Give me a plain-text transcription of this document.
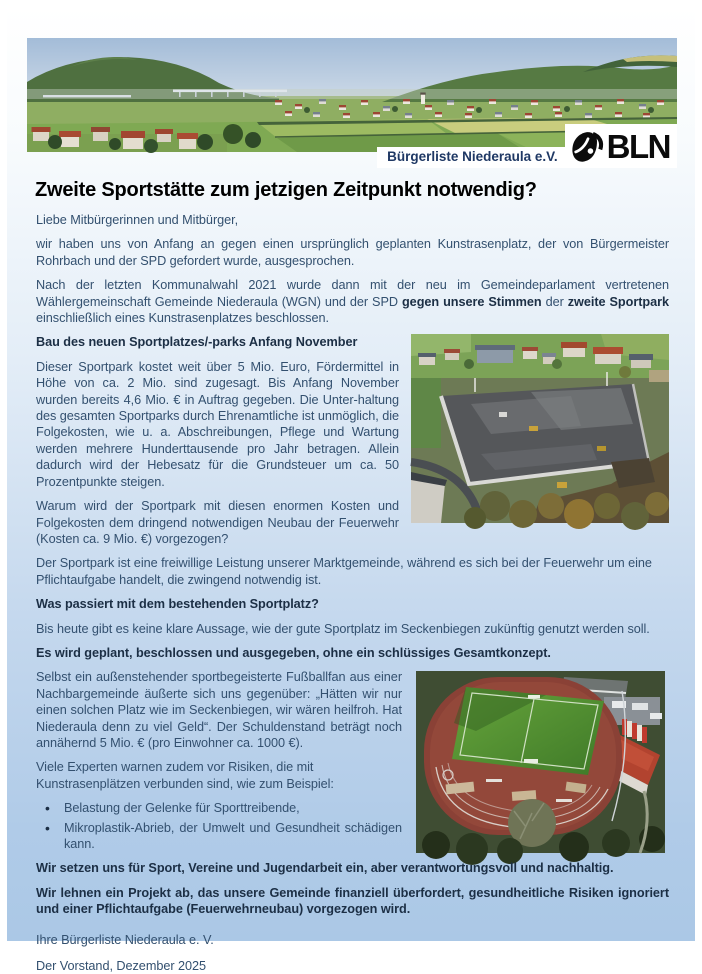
Bürgerliste Niederaula e.V. BLN
Zweite Sportstätte zum jetzigen Zeitpunkt notwendig?

Liebe Mitbürgerinnen und Mitbürger,

wir haben uns von Anfang an gegen einen ursprünglich geplanten Kunstrasenplatz, der von Bürgermeister Rohrbach und der SPD gefordert wurde, ausgesprochen.

Nach der letzten Kommunalwahl 2021 wurde dann mit der neu im Gemeindeparlament vertretenen Wählergemeinschaft Gemeinde Niederaula (WGN) und der SPD gegen unsere Stimmen der zweite Sportpark einschließlich eines Kunstrasenplatzes beschlossen.

Bau des neuen Sportplatzes/-parks Anfang November

Dieser Sportpark kostet weit über 5 Mio. Euro, Fördermittel in Höhe von ca. 2 Mio. sind zugesagt. Bis Anfang November wurden bereits 4,6 Mio. € in Auftrag gegeben. Die Unter-haltung des gesamten Sportparks durch Ehrenamtliche ist unmöglich, die Folgekosten, wie u. a. Abschreibungen, Pflege und Wartung werden mehrere Hunderttausende pro Jahr betragen. Allein dadurch wird der Hebesatz für die Grundsteuer um ca. 50 Prozentpunkte steigen.

Warum wird der Sportpark mit diesen enormen Kosten und Folgekosten dem dringend notwendigen Neubau der Feuerwehr (Kosten ca. 9 Mio. €) vorgezogen?

Der Sportpark ist eine freiwillige Leistung unserer Marktgemeinde, während es sich bei der Feuerwehr um eine Pflichtaufgabe handelt, die zwingend notwendig ist.

Was passiert mit dem bestehenden Sportplatz?

Bis heute gibt es keine klare Aussage, wie der gute Sportplatz im Seckenbiegen zukünftig genutzt werden soll.

Es wird geplant, beschlossen und ausgegeben, ohne ein schlüssiges Gesamtkonzept.

Selbst ein außenstehender sportbegeisterte Fußballfan aus einer Nachbargemeinde äußerte sich uns gegenüber: „Hätten wir nur einen solchen Platz wie im Seckenbiegen, wir wären heilfroh. Hat Niederaula denn zu viel Geld“. Der Schuldenstand beträgt noch annähernd 5 Mio. € (pro Einwohner ca. 1000 €).

Viele Experten warnen zudem vor Risiken, die mit Kunstrasenplätzen verbunden sind, wie zum Beispiel:

• Belastung der Gelenke für Sporttreibende,
• Mikroplastik-Abrieb, der Umwelt und Gesundheit schädigen kann.

Wir setzen uns für Sport, Vereine und Jugendarbeit ein, aber verantwortungsvoll und nachhaltig.

Wir lehnen ein Projekt ab, das unsere Gemeinde finanziell überfordert, gesundheitliche Risiken ignoriert und einer Pflichtaufgabe (Feuerwehrneubau) vorgezogen wird.

Ihre Bürgerliste Niederaula e. V.

Der Vorstand, Dezember 2025
